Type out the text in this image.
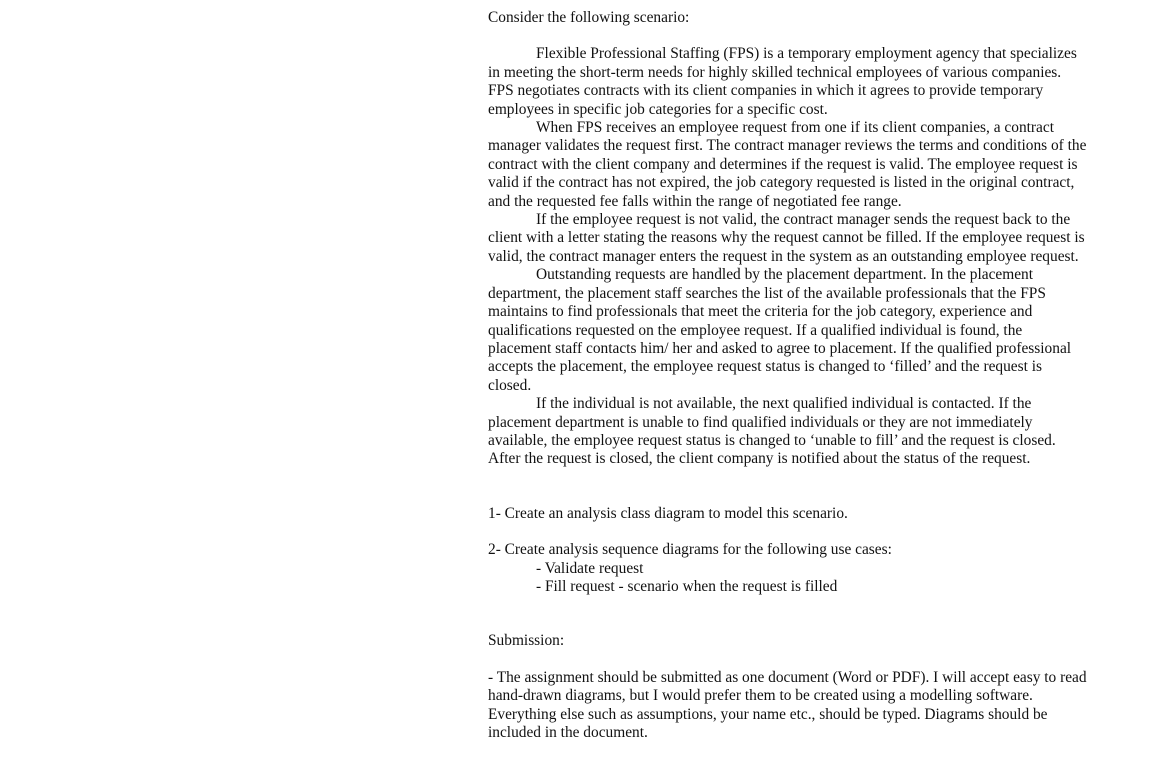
Consider the following scenario:

Flexible Professional Staffing (FPS) is a temporary employment agency that specializes
in meeting the short-term needs for highly skilled technical employees of various companies.
FPS negotiates contracts with its client companies in which it agrees to provide temporary
employees in specific job categories for a specific cost.

When FPS receives an employee request from one if its client companies, a contract
manager validates the request first. The contract manager reviews the terms and conditions of the
contract with the client company and determines if the request is valid. The employee request is
valid if the contract has not expired, the job category requested is listed in the original contract,
and the requested fee falls within the range of negotiated fee range.

If the employee request is not valid, the contract manager sends the request back to the
client with a letter stating the reasons why the request cannot be filled. If the employee request is
valid, the contract manager enters the request in the system as an outstanding employee request.

Outstanding requests are handled by the placement department. In the placement
department, the placement staff searches the list of the available professionals that the FPS
maintains to find professionals that meet the criteria for the job category, experience and
qualifications requested on the employee request. If a qualified individual is found, the
placement staff contacts him/ her and asked to agree to placement. If the qualified professional
accepts the placement, the employee request status is changed to ‘filled’ and the request is
closed.

If the individual is not available, the next qualified individual is contacted. If the
placement department is unable to find qualified individuals or they are not immediately
available, the employee request status is changed to ‘unable to fill’ and the request is closed.
After the request is closed, the client company is notified about the status of the request.

1- Create an analysis class diagram to model this scenario.

2- Create analysis sequence diagrams for the following use cases:

- Validate request
- Fill request - scenario when the request is filled

Submission:

- The assignment should be submitted as one document (Word or PDF). I will accept easy to read
hand-drawn diagrams, but I would prefer them to be created using a modelling software.
Everything else such as assumptions, your name etc., should be typed. Diagrams should be
included in the document.
